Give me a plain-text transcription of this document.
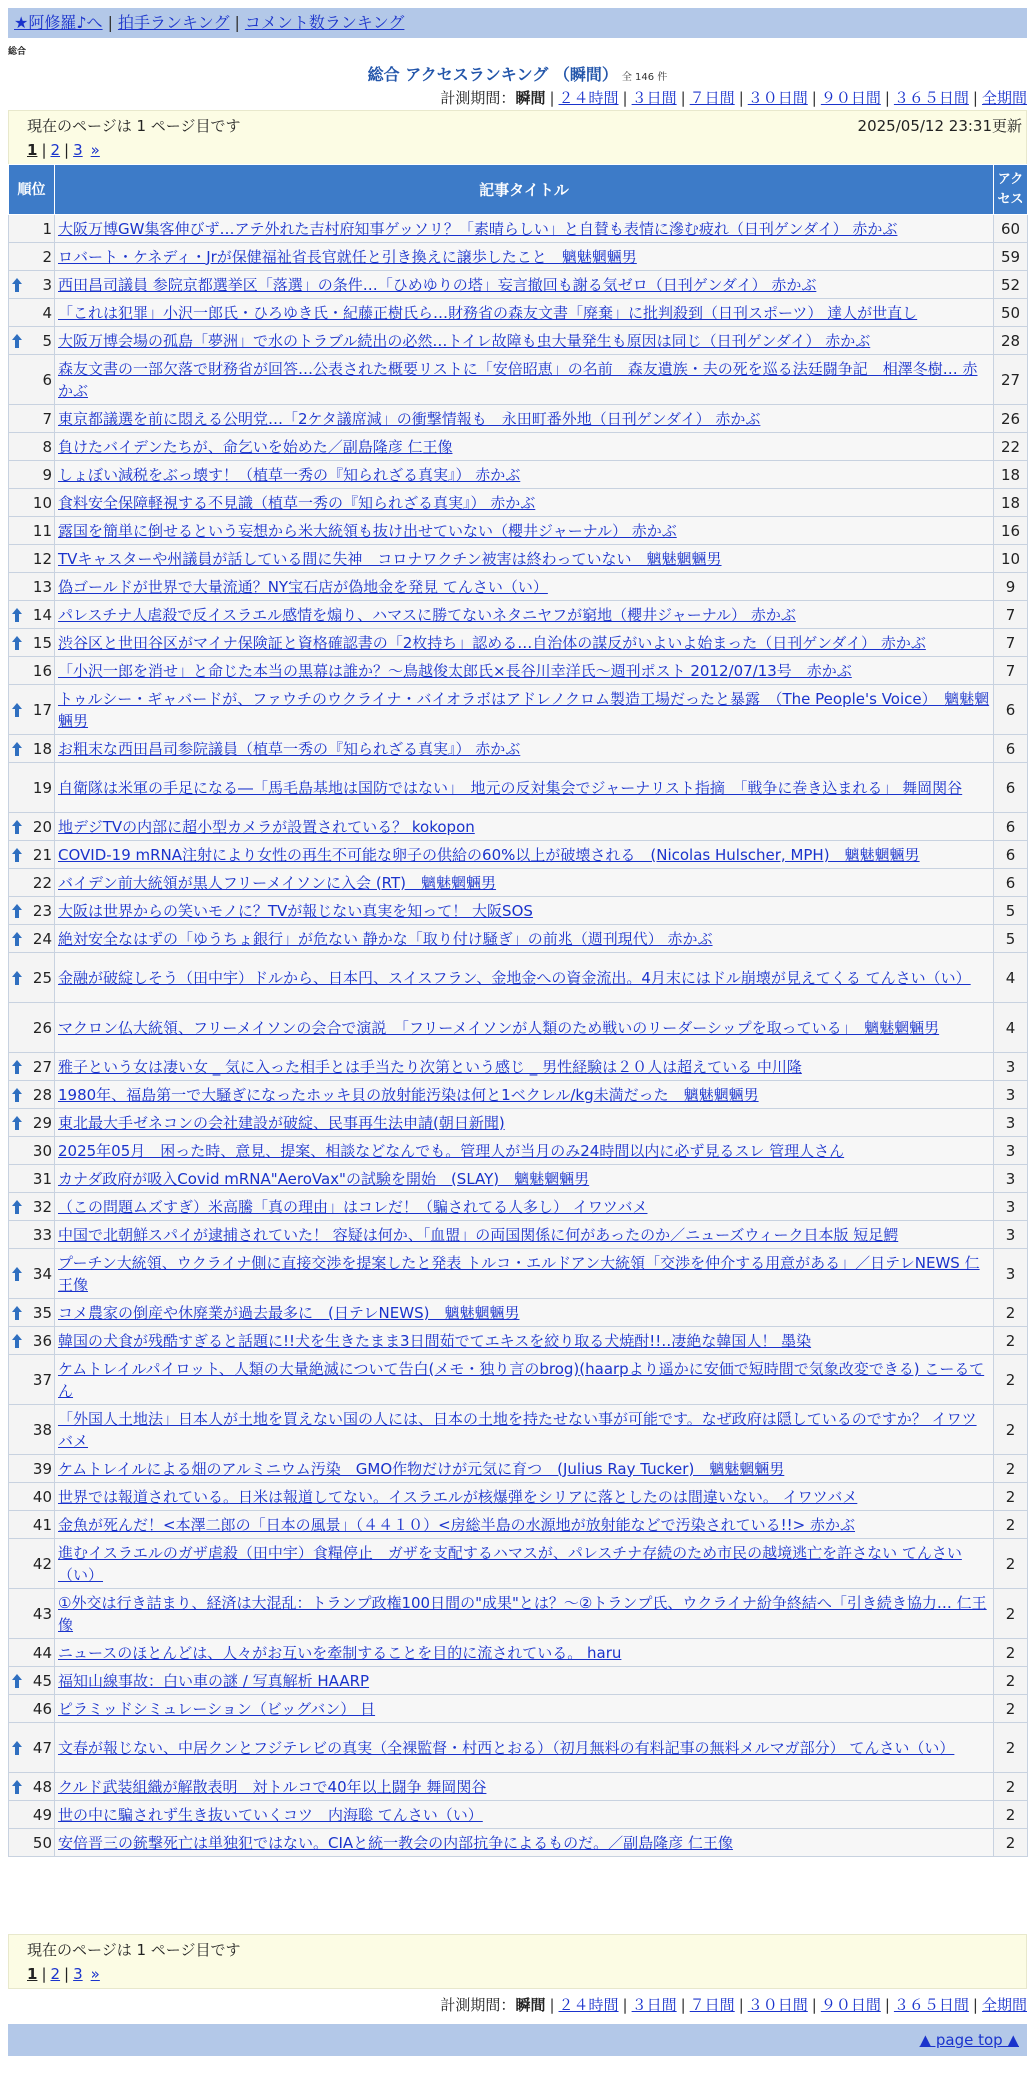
★阿修羅♪へ | 拍手ランキング | コメント数ランキング
総合
総合 アクセスランキング （瞬間） 全 146 件
計測期間：瞬間 | ２４時間 | ３日間 | ７日間 | ３０日間 | ９０日間 | ３６５日間 | 全期間
現在のページは 1 ページ目です	2025/05/12 23:31更新
1 | 2 | 3 »
順位	記事タイトル	アクセス
1	大阪万博GW集客伸びず…アテ外れた吉村府知事ゲッソリ？「素晴らしい」と自賛も表情に滲む疲れ（日刊ゲンダイ） 赤かぶ	60
2	ロバート・ケネディ・Jrが保健福祉省長官就任と引き換えに譲歩したこと　魑魅魍魎男	59

3	西田昌司議員 参院京都選挙区「落選」の条件…「ひめゆりの塔」妄言撤回も謝る気ゼロ（日刊ゲンダイ） 赤かぶ	52
4	「これは犯罪」小沢一郎氏・ひろゆき氏・紀藤正樹氏ら…財務省の森友文書「廃棄」に批判殺到（日刊スポーツ） 達人が世直し	50

5	大阪万博会場の孤島「夢洲」で水のトラブル続出の必然…トイレ故障も虫大量発生も原因は同じ（日刊ゲンダイ） 赤かぶ	28
6	森友文書の一部欠落で財務省が回答…公表された概要リストに「安倍昭恵」の名前　森友遺族・夫の死を巡る法廷闘争記　相澤冬樹… 赤かぶ	27
7	東京都議選を前に悶える公明党…「2ケタ議席減」の衝撃情報も　永田町番外地（日刊ゲンダイ） 赤かぶ	26
8	負けたバイデンたちが、命乞いを始めた／副島隆彦 仁王像	22
9	しょぼい減税をぶっ壊す！（植草一秀の『知られざる真実』） 赤かぶ	18
10	食料安全保障軽視する不見識（植草一秀の『知られざる真実』） 赤かぶ	18
11	露国を簡単に倒せるという妄想から米大統領も抜け出せていない（櫻井ジャーナル） 赤かぶ	16
12	TVキャスターや州議員が話している間に失神　コロナワクチン被害は終わっていない　魑魅魍魎男	10
13	偽ゴールドが世界で大量流通？NY宝石店が偽地金を発見 てんさい（い）	9

14	パレスチナ人虐殺で反イスラエル感情を煽り、ハマスに勝てないネタニヤフが窮地（櫻井ジャーナル） 赤かぶ	7

15	渋谷区と世田谷区がマイナ保険証と資格確認書の「2枚持ち」認める…自治体の謀反がいよいよ始まった（日刊ゲンダイ） 赤かぶ	7
16	「小沢一郎を消せ」と命じた本当の黒幕は誰か？～鳥越俊太郎氏×長谷川幸洋氏～週刊ポスト 2012/07/13号　赤かぶ	7

17	トゥルシー・ギャバードが、ファウチのウクライナ・バイオラボはアドレノクロム製造工場だったと暴露　（The People's Voice）　魑魅魍魎男	6

18	お粗末な西田昌司参院議員（植草一秀の『知られざる真実』） 赤かぶ	6
19	自衛隊は米軍の手足になる―「馬毛島基地は国防ではない」　地元の反対集会でジャーナリスト指摘　「戦争に巻き込まれる」 舞岡関谷	6

20	地デジTVの内部に超小型カメラが設置されている？ kokopon	6

21	COVID-19 mRNA注射により女性の再生不可能な卵子の供給の60%以上が破壊される　(Nicolas Hulscher, MPH)　魑魅魍魎男	6
22	バイデン前大統領が黒人フリーメイソンに入会 (RT)　魑魅魍魎男	6

23	大阪は世界からの笑いモノに？TVが報じない真実を知って！ 大阪SOS	5

24	絶対安全なはずの「ゆうちょ銀行」が危ない 静かな「取り付け騒ぎ」の前兆（週刊現代） 赤かぶ	5

25	金融が破綻しそう（田中宇）ドルから、日本円、スイスフラン、金地金への資金流出。4月末にはドル崩壊が見えてくる てんさい（い）	4
26	マクロン仏大統領、フリーメイソンの会合で演説　「フリーメイソンが人類のため戦いのリーダーシップを取っている」　魑魅魍魎男	4

27	雅子という女は凄い女 _ 気に入った相手とは手当たり次第という感じ _ 男性経験は２０人は超えている 中川隆	3

28	1980年、福島第一で大騒ぎになったホッキ貝の放射能汚染は何と1ベクレル/kg未満だった　魑魅魍魎男	3

29	東北最大手ゼネコンの会社建設が破綻、民事再生法申請(朝日新聞)	3
30	2025年05月　困った時、意見、提案、相談などなんでも。管理人が当月のみ24時間以内に必ず見るスレ 管理人さん	3
31	カナダ政府が吸入Covid mRNA"AeroVax"の試験を開始　(SLAY)　魑魅魍魎男	3

32	（この問題ムズすぎ）米高騰「真の理由」はコレだ！（騙されてる人多し） イワツバメ	3
33	中国で北朝鮮スパイが逮捕されていた！ 容疑は何か、「血盟」の両国関係に何があったのか／ニューズウィーク日本版 短足鰐	3

34	プーチン大統領、ウクライナ側に直接交渉を提案したと発表 トルコ・エルドアン大統領「交渉を仲介する用意がある」／日テレNEWS 仁王像	3

35	コメ農家の倒産や休廃業が過去最多に　(日テレNEWS)　魑魅魍魎男	2

36	韓国の犬食が残酷すぎると話題に!!犬を生きたまま3日間茹でてエキスを絞り取る犬焼酎!!‥凄絶な韓国人！ 墨染	2
37	ケムトレイルパイロット、人類の大量絶滅について告白(メモ・独り言のbrog)(haarpより遥かに安価で短時間で気象改変できる) こーるてん	2
38	「外国人土地法」日本人が土地を買えない国の人には、日本の土地を持たせない事が可能です。なぜ政府は隠しているのですか？ イワツバメ	2
39	ケムトレイルによる畑のアルミニウム汚染　GMO作物だけが元気に育つ　(Julius Ray Tucker)　魑魅魍魎男	2
40	世界では報道されている。日米は報道してない。イスラエルが核爆弾をシリアに落としたのは間違いない。 イワツバメ	2
41	金魚が死んだ！<本澤二郎の「日本の風景」（４４１０）<房総半島の水源地が放射能などで汚染されている!!> 赤かぶ	2
42	進むイスラエルのガザ虐殺（田中宇）食糧停止　ガザを支配するハマスが、パレスチナ存続のため市民の越境逃亡を許さない てんさい（い）	2
43	①外交は行き詰まり、経済は大混乱：トランプ政権100日間の"成果"とは？～②トランプ氏、ウクライナ紛争終結へ「引き続き協力… 仁王像	2
44	ニュースのほとんどは、人々がお互いを牽制することを目的に流されている。 haru	2

45	福知山線事故：白い車の謎 / 写真解析 HAARP	2
46	ピラミッドシミュレーション（ビッグバン） 日	2

47	文春が報じない、中居クンとフジテレビの真実（全裸監督・村西とおる）（初月無料の有料記事の無料メルマガ部分） てんさい（い）	2

48	クルド武装組織が解散表明　対トルコで40年以上闘争 舞岡関谷	2
49	世の中に騙されず生き抜いていくコツ　内海聡 てんさい（い）	2
50	安倍晋三の銃撃死亡は単独犯ではない。CIAと統一教会の内部抗争によるものだ。／副島隆彦 仁王像	2
現在のページは 1 ページ目です
1 | 2 | 3 »
計測期間：瞬間 | ２４時間 | ３日間 | ７日間 | ３０日間 | ９０日間 | ３６５日間 | 全期間
▲ page top ▲
